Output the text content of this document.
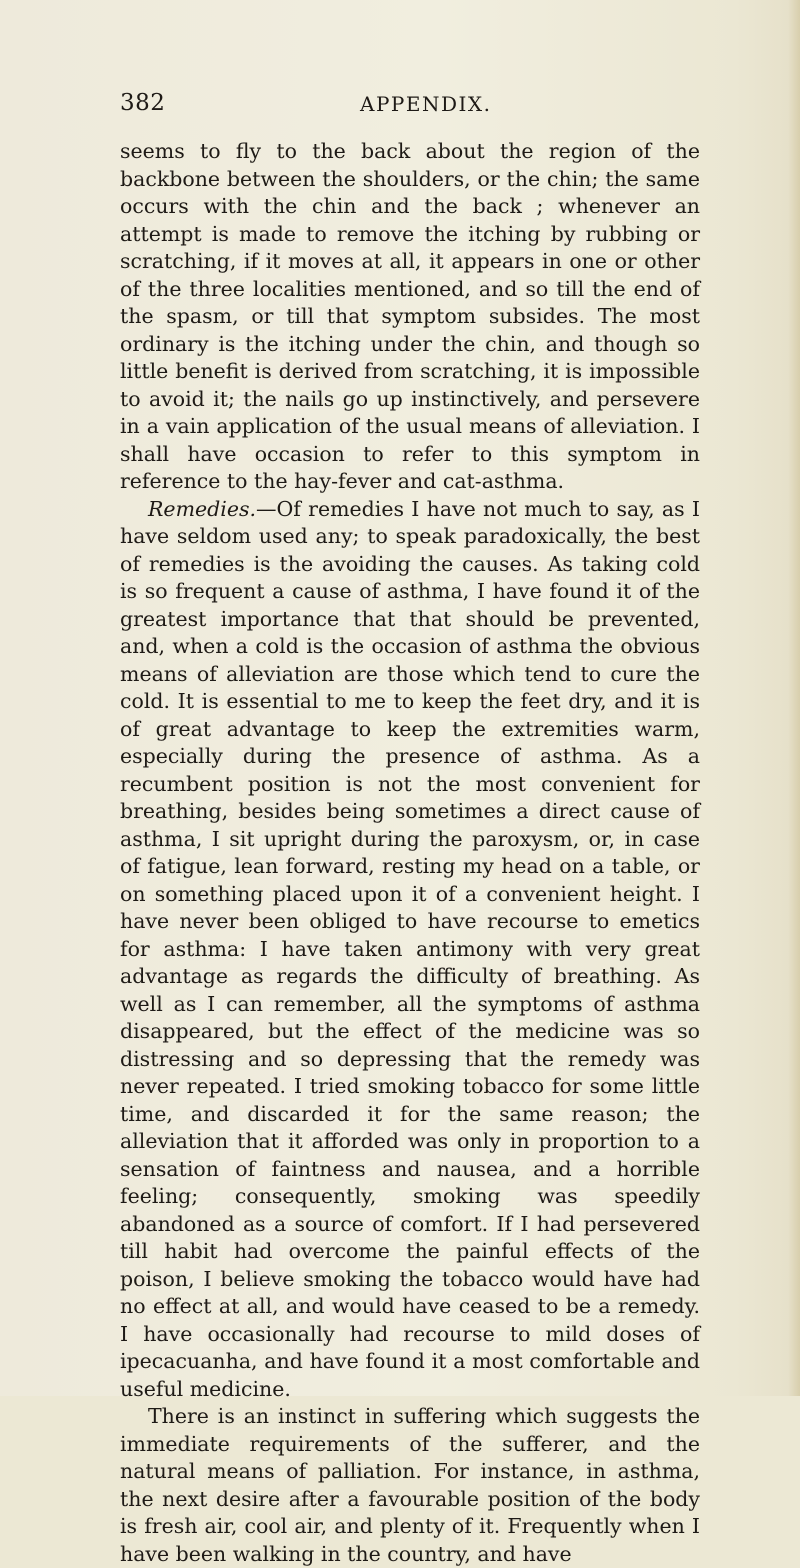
382	APPENDIX.

seems to fly to the back about the region of the backbone between the shoulders, or the chin; the same occurs with the chin and the back ; whenever an attempt is made to remove the itching by rubbing or scratching, if it moves at all, it appears in one or other of the three localities mentioned, and so till the end of the spasm, or till that symptom subsides. The most ordinary is the itching under the chin, and though so little benefit is derived from scratching, it is impossible to avoid it; the nails go up instinctively, and persevere in a vain application of the usual means of alleviation. I shall have occasion to refer to this symptom in reference to the hay-fever and cat-asthma.

Remedies.—Of remedies I have not much to say, as I have seldom used any; to speak paradoxically, the best of remedies is the avoiding the causes. As taking cold is so frequent a cause of asthma, I have found it of the greatest importance that that should be prevented, and, when a cold is the occasion of asthma the obvious means of alleviation are those which tend to cure the cold. It is essential to me to keep the feet dry, and it is of great advantage to keep the extremities warm, especially during the presence of asthma. As a recumbent position is not the most convenient for breathing, besides being sometimes a direct cause of asthma, I sit upright during the paroxysm, or, in case of fatigue, lean forward, resting my head on a table, or on something placed upon it of a convenient height. I have never been obliged to have recourse to emetics for asthma: I have taken antimony with very great advantage as regards the difficulty of breathing. As well as I can remember, all the symptoms of asthma disappeared, but the effect of the medicine was so distressing and so depressing that the remedy was never repeated. I tried smoking tobacco for some little time, and discarded it for the same reason; the alleviation that it afforded was only in proportion to a sensation of faintness and nausea, and a horrible feeling; consequently, smoking was speedily abandoned as a source of comfort. If I had persevered till habit had overcome the painful effects of the poison, I believe smoking the tobacco would have had no effect at all, and would have ceased to be a remedy. I have occasionally had recourse to mild doses of ipecacuanha, and have found it a most comfortable and useful medicine.

There is an instinct in suffering which suggests the immediate requirements of the sufferer, and the natural means of palliation. For instance, in asthma, the next desire after a favourable position of the body is fresh air, cool air, and plenty of it. Frequently when I have been walking in the country, and have
